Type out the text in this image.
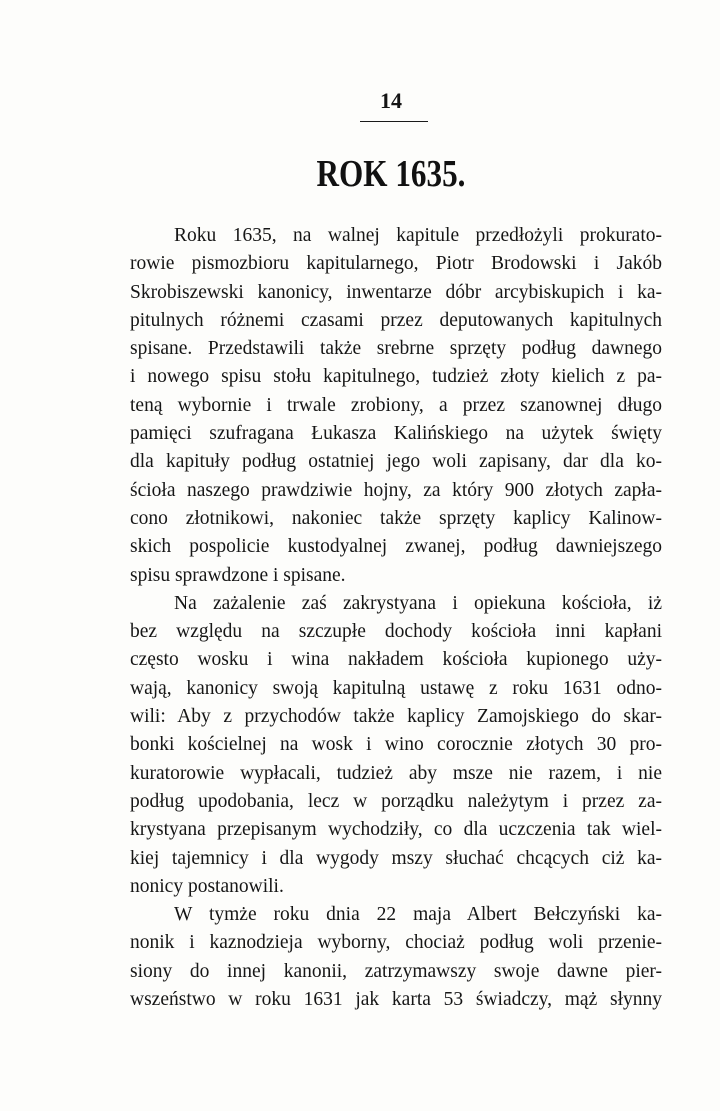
14
ROK 1635.
Roku 1635, na walnej kapitule przedłożyli prokurato-
rowie pismozbioru kapitularnego, Piotr Brodowski i Jakób
Skrobiszewski kanonicy, inwentarze dóbr arcybiskupich i ka-
pitulnych różnemi czasami przez deputowanych kapitulnych
spisane. Przedstawili także srebrne sprzęty podług dawnego
i nowego spisu stołu kapitulnego, tudzież złoty kielich z pa-
teną wybornie i trwale zrobiony, a przez szanownej długo
pamięci szufragana Łukasza Kalińskiego na użytek święty
dla kapituły podług ostatniej jego woli zapisany, dar dla ko-
ścioła naszego prawdziwie hojny, za który 900 złotych zapła-
cono złotnikowi, nakoniec także sprzęty kaplicy Kalinow-
skich pospolicie kustodyalnej zwanej, podług dawniejszego
spisu sprawdzone i spisane.
Na zażalenie zaś zakrystyana i opiekuna kościoła, iż
bez względu na szczupłe dochody kościoła inni kapłani
często wosku i wina nakładem kościoła kupionego uży-
wają, kanonicy swoją kapitulną ustawę z roku 1631 odno-
wili: Aby z przychodów także kaplicy Zamojskiego do skar-
bonki kościelnej na wosk i wino corocznie złotych 30 pro-
kuratorowie wypłacali, tudzież aby msze nie razem, i nie
podług upodobania, lecz w porządku należytym i przez za-
krystyana przepisanym wychodziły, co dla uczczenia tak wiel-
kiej tajemnicy i dla wygody mszy słuchać chcących ciż ka-
nonicy postanowili.
W tymże roku dnia 22 maja Albert Bełczyński ka-
nonik i kaznodzieja wyborny, chociaż podług woli przenie-
siony do innej kanonii, zatrzymawszy swoje dawne pier-
wszeństwo w roku 1631 jak karta 53 świadczy, mąż słynny
